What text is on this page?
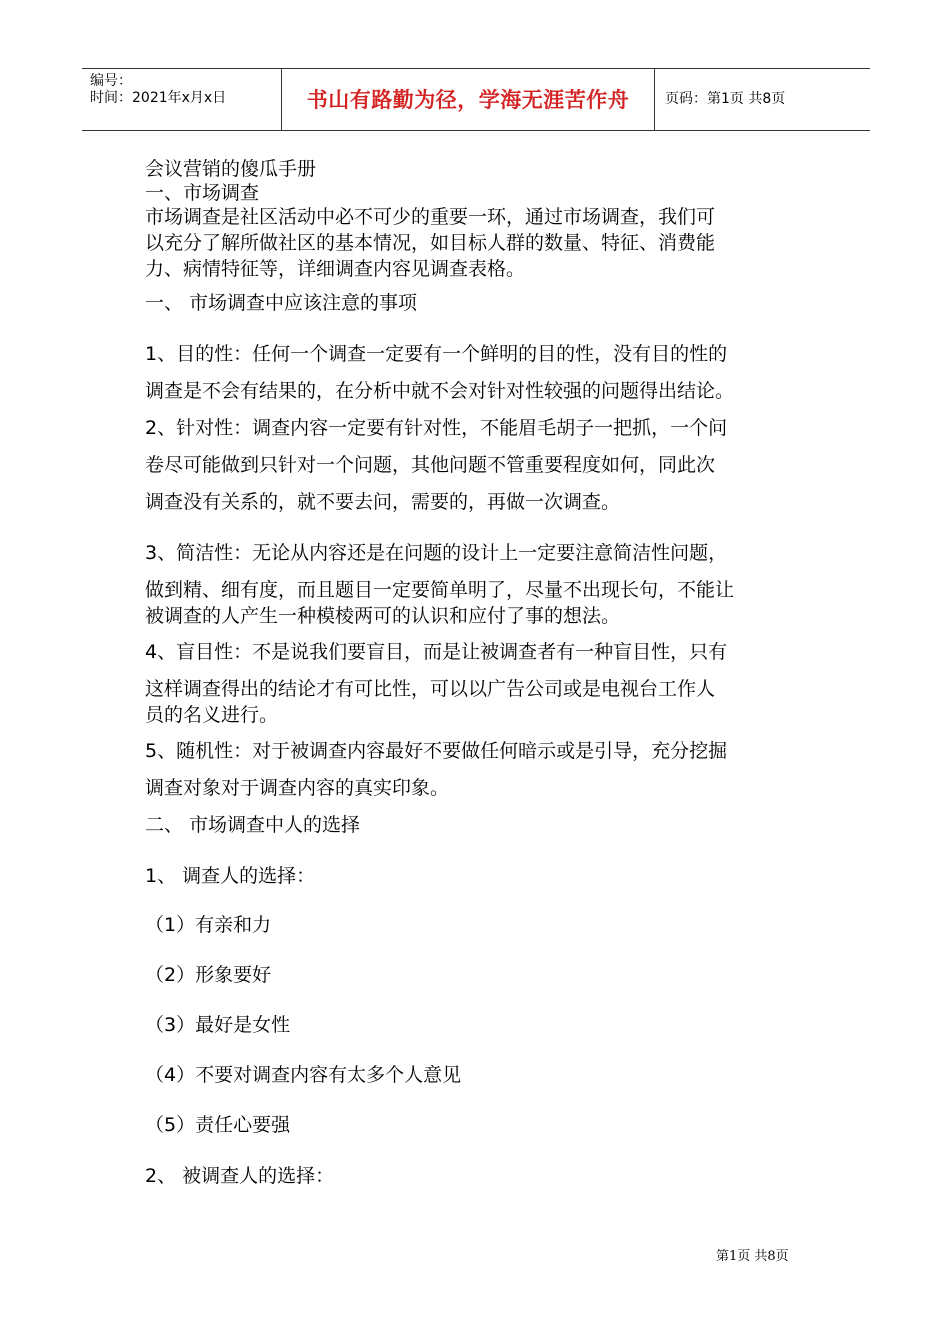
编号：
时间：2021年x月x日	书山有路勤为径，学海无涯苦作舟	页码：第1页 共8页
会议营销的傻瓜手册
一、市场调查
市场调查是社区活动中必不可少的重要一环，通过市场调查，我们可
以充分了解所做社区的基本情况，如目标人群的数量、特征、消费能
力、病情特征等，详细调查内容见调查表格。
一、 市场调查中应该注意的事项
1、目的性：任何一个调查一定要有一个鲜明的目的性，没有目的性的
调查是不会有结果的，在分析中就不会对针对性较强的问题得出结论。
2、针对性：调查内容一定要有针对性，不能眉毛胡子一把抓，一个问
卷尽可能做到只针对一个问题，其他问题不管重要程度如何，同此次
调查没有关系的，就不要去问，需要的，再做一次调查。
3、简洁性：无论从内容还是在问题的设计上一定要注意简洁性问题，
做到精、细有度，而且题目一定要简单明了，尽量不出现长句，不能让
被调查的人产生一种模棱两可的认识和应付了事的想法。
4、盲目性：不是说我们要盲目，而是让被调查者有一种盲目性，只有
这样调查得出的结论才有可比性，可以以广告公司或是电视台工作人
员的名义进行。
5、随机性：对于被调查内容最好不要做任何暗示或是引导，充分挖掘
调查对象对于调查内容的真实印象。
二、 市场调查中人的选择
1、 调查人的选择：
（1）有亲和力
（2）形象要好
（3）最好是女性
（4）不要对调查内容有太多个人意见
（5）责任心要强
2、 被调查人的选择：
第1页 共8页
